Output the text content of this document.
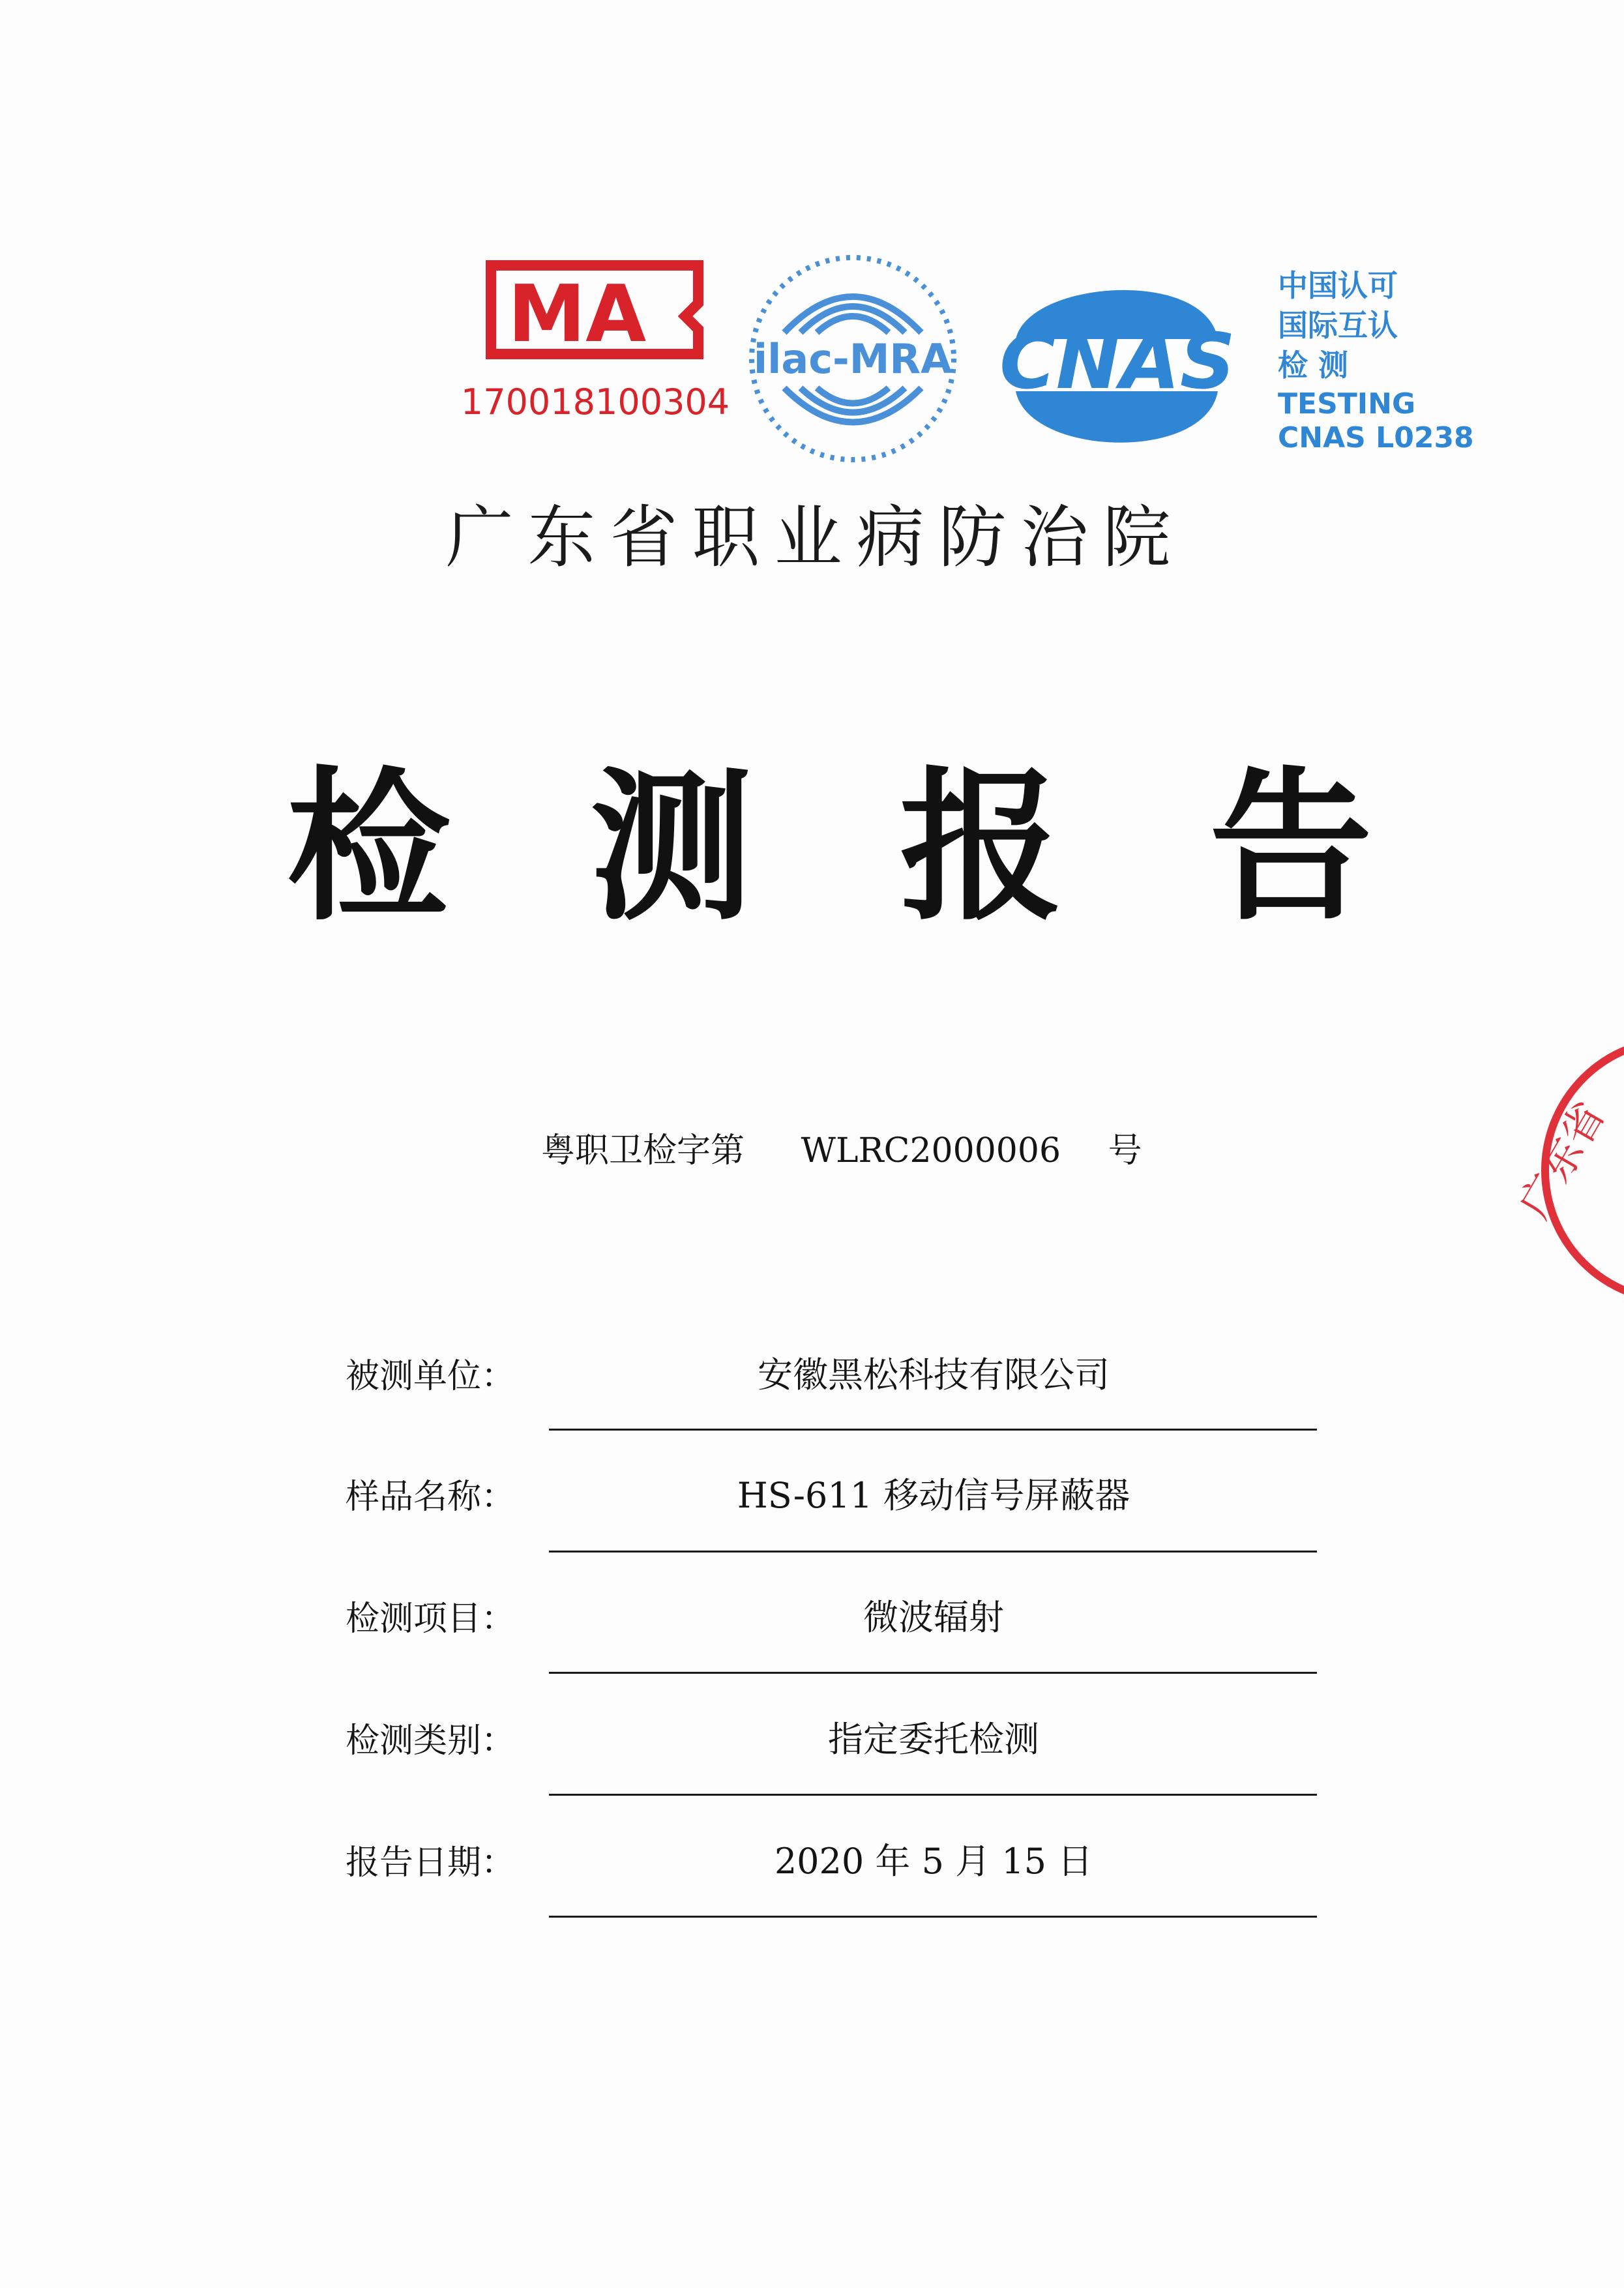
MA
170018100304
ilac-MRA CNAS
中国认可
国际互认
检 测
TESTING
CNAS L0238
广东省职业病防治院
检 测 报 告
粤职卫检字第 WLRC2000006 号
被测单位：	安徽黑松科技有限公司
样品名称：	HS-611 移动信号屏蔽器
检测项目：	微波辐射
检测类别：	指定委托检测
报告日期：	2020 年 5 月 15 日
广东省
